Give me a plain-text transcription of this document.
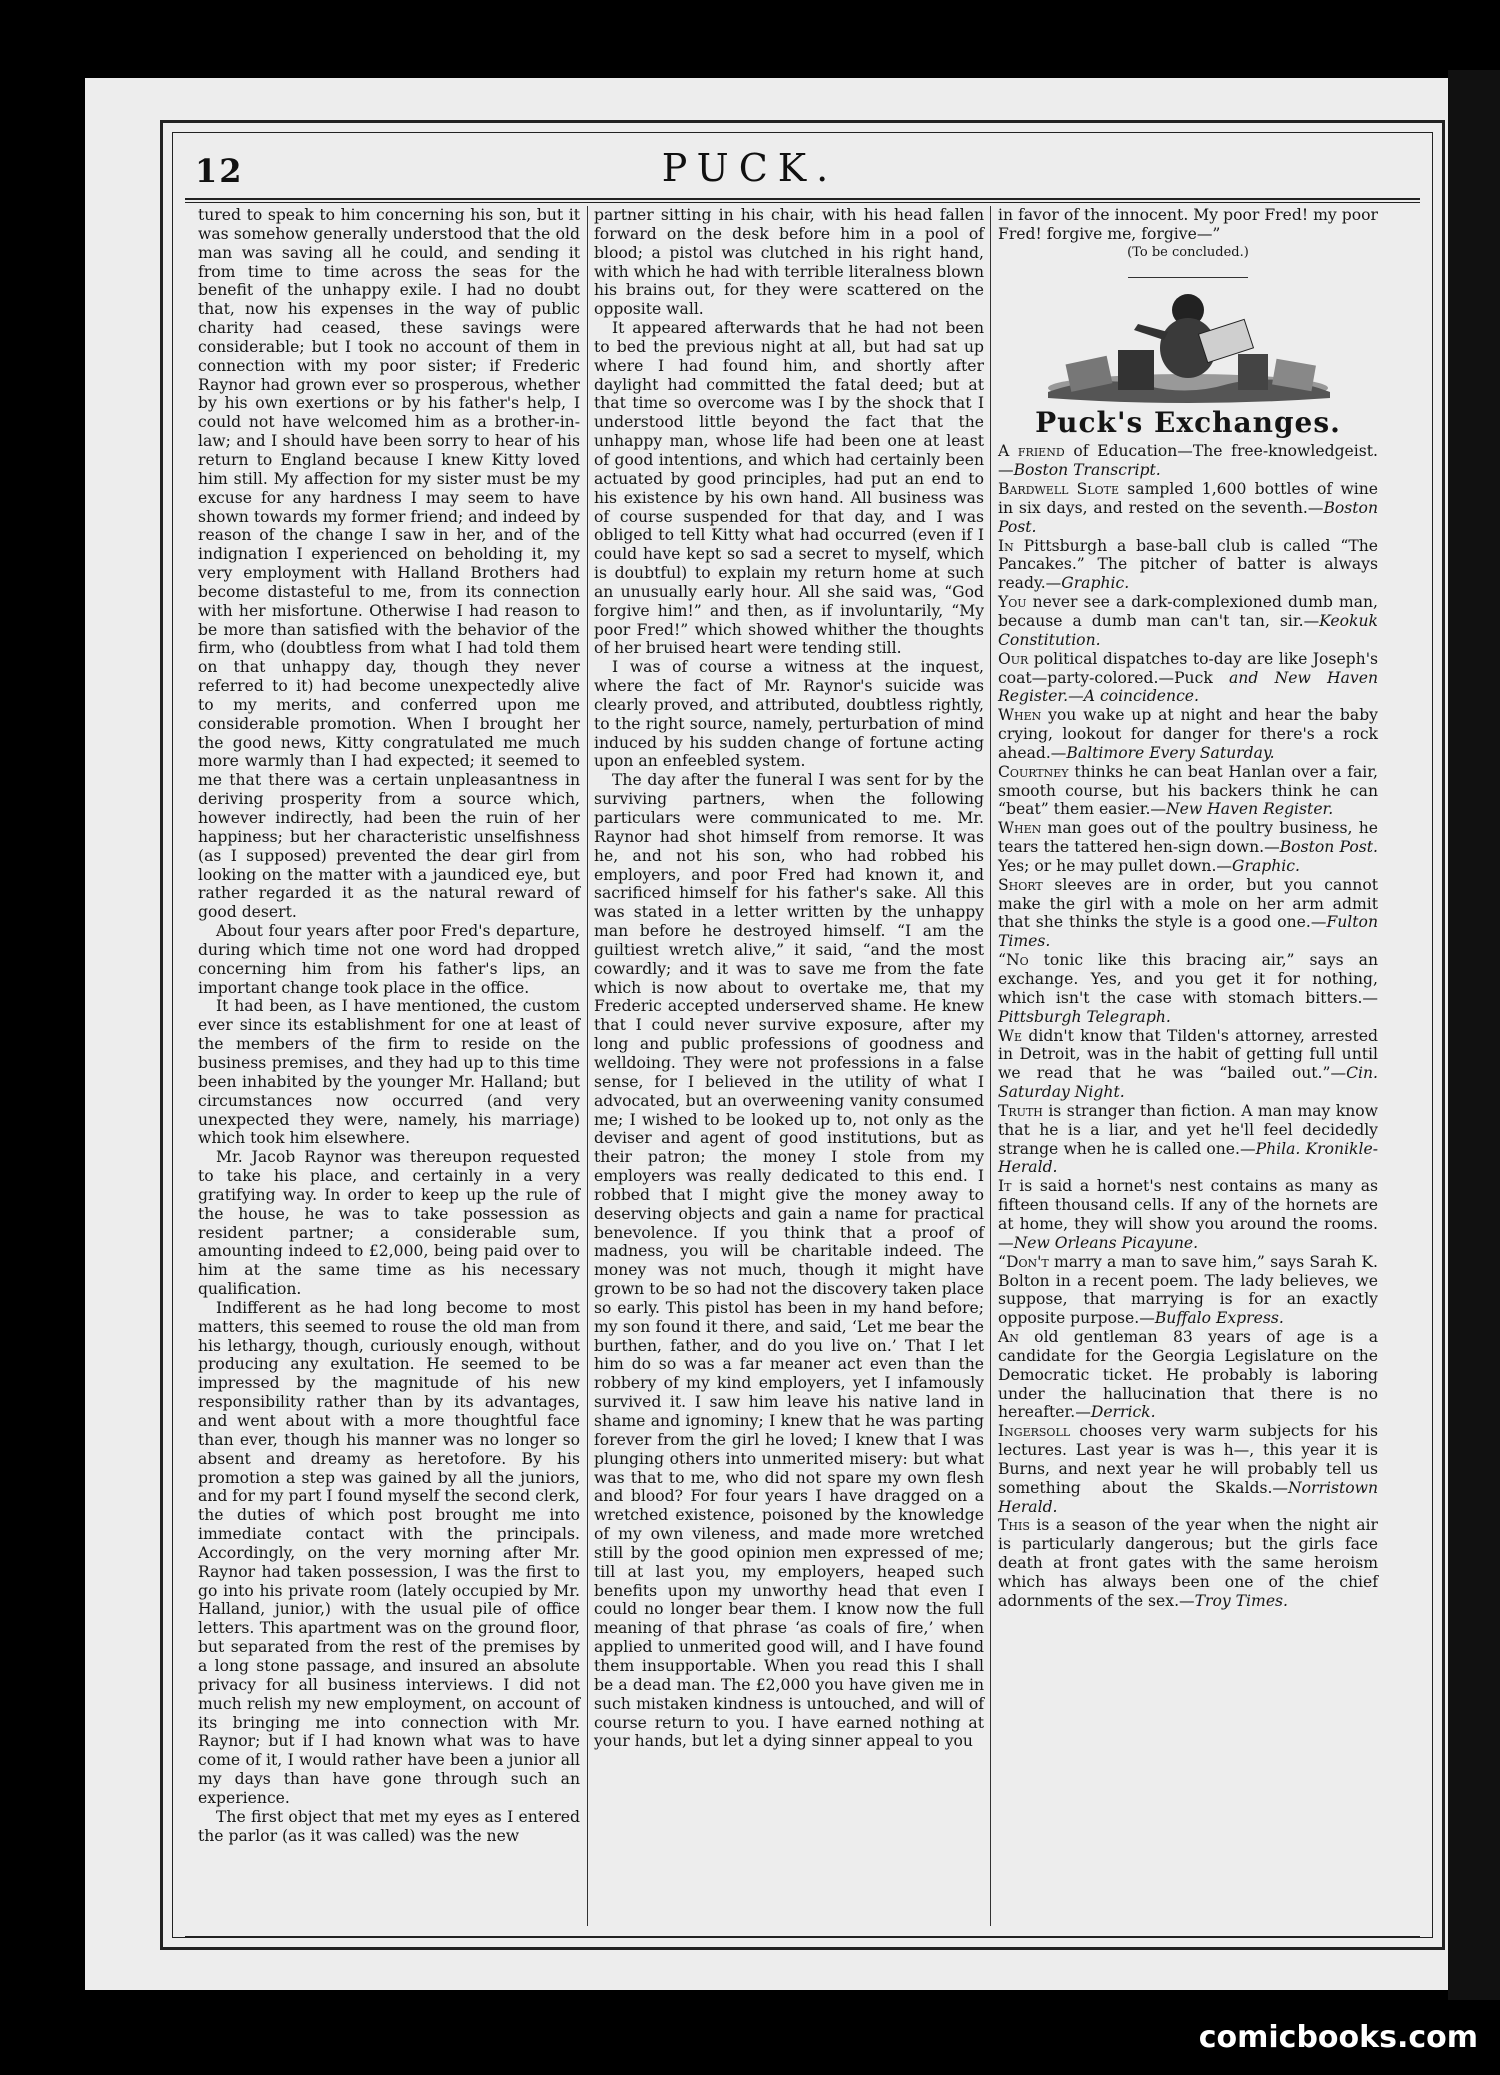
12	PUCK.

tured to speak to him concerning his son, but it was somehow generally understood that the old man was saving all he could, and sending it from time to time across the seas for the benefit of the unhappy exile. I had no doubt that, now his expenses in the way of public charity had ceased, these savings were considerable; but I took no account of them in connection with my poor sister; if Frederic Raynor had grown ever so prosperous, whether by his own exertions or by his father's help, I could not have welcomed him as a brother-in-law; and I should have been sorry to hear of his return to England because I knew Kitty loved him still. My affection for my sister must be my excuse for any hardness I may seem to have shown towards my former friend; and indeed by reason of the change I saw in her, and of the indignation I experienced on beholding it, my very employment with Halland Brothers had become distasteful to me, from its connection with her misfortune. Otherwise I had reason to be more than satisfied with the behavior of the firm, who (doubtless from what I had told them on that unhappy day, though they never referred to it) had become unexpectedly alive to my merits, and conferred upon me considerable promotion. When I brought her the good news, Kitty congratulated me much more warmly than I had expected; it seemed to me that there was a certain unpleasantness in deriving prosperity from a source which, however indirectly, had been the ruin of her happiness; but her characteristic unselfishness (as I supposed) prevented the dear girl from looking on the matter with a jaundiced eye, but rather regarded it as the natural reward of good desert.

About four years after poor Fred's departure, during which time not one word had dropped concerning him from his father's lips, an important change took place in the office.

It had been, as I have mentioned, the custom ever since its establishment for one at least of the members of the firm to reside on the business premises, and they had up to this time been inhabited by the younger Mr. Halland; but circumstances now occurred (and very unexpected they were, namely, his marriage) which took him elsewhere.

Mr. Jacob Raynor was thereupon requested to take his place, and certainly in a very gratifying way. In order to keep up the rule of the house, he was to take possession as resident partner; a considerable sum, amounting indeed to £2,000, being paid over to him at the same time as his necessary qualification.

Indifferent as he had long become to most matters, this seemed to rouse the old man from his lethargy, though, curiously enough, without producing any exultation. He seemed to be impressed by the magnitude of his new responsibility rather than by its advantages, and went about with a more thoughtful face than ever, though his manner was no longer so absent and dreamy as heretofore. By his promotion a step was gained by all the juniors, and for my part I found myself the second clerk, the duties of which post brought me into immediate contact with the principals. Accordingly, on the very morning after Mr. Raynor had taken possession, I was the first to go into his private room (lately occupied by Mr. Halland, junior,) with the usual pile of office letters. This apartment was on the ground floor, but separated from the rest of the premises by a long stone passage, and insured an absolute privacy for all business interviews. I did not much relish my new employment, on account of its bringing me into connection with Mr. Raynor; but if I had known what was to have come of it, I would rather have been a junior all my days than have gone through such an experience.

The first object that met my eyes as I entered the parlor (as it was called) was the new

partner sitting in his chair, with his head fallen forward on the desk before him in a pool of blood; a pistol was clutched in his right hand, with which he had with terrible literalness blown his brains out, for they were scattered on the opposite wall.

It appeared afterwards that he had not been to bed the previous night at all, but had sat up where I had found him, and shortly after daylight had committed the fatal deed; but at that time so overcome was I by the shock that I understood little beyond the fact that the unhappy man, whose life had been one at least of good intentions, and which had certainly been actuated by good principles, had put an end to his existence by his own hand. All business was of course suspended for that day, and I was obliged to tell Kitty what had occurred (even if I could have kept so sad a secret to myself, which is doubtful) to explain my return home at such an unusually early hour. All she said was, “God forgive him!” and then, as if involuntarily, “My poor Fred!” which showed whither the thoughts of her bruised heart were tending still.

I was of course a witness at the inquest, where the fact of Mr. Raynor's suicide was clearly proved, and attributed, doubtless rightly, to the right source, namely, perturbation of mind induced by his sudden change of fortune acting upon an enfeebled system.

The day after the funeral I was sent for by the surviving partners, when the following particulars were communicated to me. Mr. Raynor had shot himself from remorse. It was he, and not his son, who had robbed his employers, and poor Fred had known it, and sacrificed himself for his father's sake. All this was stated in a letter written by the unhappy man before he destroyed himself. “I am the guiltiest wretch alive,” it said, “and the most cowardly; and it was to save me from the fate which is now about to overtake me, that my Frederic accepted underserved shame. He knew that I could never survive exposure, after my long and public professions of goodness and welldoing. They were not professions in a false sense, for I believed in the utility of what I advocated, but an overweening vanity consumed me; I wished to be looked up to, not only as the deviser and agent of good institutions, but as their patron; the money I stole from my employers was really dedicated to this end. I robbed that I might give the money away to deserving objects and gain a name for practical benevolence. If you think that a proof of madness, you will be charitable indeed. The money was not much, though it might have grown to be so had not the discovery taken place so early. This pistol has been in my hand before; my son found it there, and said, ‘Let me bear the burthen, father, and do you live on.’ That I let him do so was a far meaner act even than the robbery of my kind employers, yet I infamously survived it. I saw him leave his native land in shame and ignominy; I knew that he was parting forever from the girl he loved; I knew that I was plunging others into unmerited misery: but what was that to me, who did not spare my own flesh and blood? For four years I have dragged on a wretched existence, poisoned by the knowledge of my own vileness, and made more wretched still by the good opinion men expressed of me; till at last you, my employers, heaped such benefits upon my unworthy head that even I could no longer bear them. I know now the full meaning of that phrase ‘as coals of fire,’ when applied to unmerited good will, and I have found them insupportable. When you read this I shall be a dead man. The £2,000 you have given me in such mistaken kindness is untouched, and will of course return to you. I have earned nothing at your hands, but let a dying sinner appeal to you

in favor of the innocent. My poor Fred! my poor Fred! forgive me, forgive—”

(To be concluded.)

Puck's Exchanges.

A friend of Education—The free-knowledgeist.—Boston Transcript.

Bardwell Slote sampled 1,600 bottles of wine in six days, and rested on the seventh.—Boston Post.

In Pittsburgh a base-ball club is called “The Pancakes.” The pitcher of batter is always ready.—Graphic.

You never see a dark-complexioned dumb man, because a dumb man can't tan, sir.—Keokuk Constitution.

Our political dispatches to-day are like Joseph's coat—party-colored.—Puck and New Haven Register.—A coincidence.

When you wake up at night and hear the baby crying, lookout for danger for there's a rock ahead.—Baltimore Every Saturday.

Courtney thinks he can beat Hanlan over a fair, smooth course, but his backers think he can “beat” them easier.—New Haven Register.

When man goes out of the poultry business, he tears the tattered hen-sign down.—Boston Post. Yes; or he may pullet down.—Graphic.

Short sleeves are in order, but you cannot make the girl with a mole on her arm admit that she thinks the style is a good one.—Fulton Times.

“No tonic like this bracing air,” says an exchange. Yes, and you get it for nothing, which isn't the case with stomach bitters.—Pittsburgh Telegraph.

We didn't know that Tilden's attorney, arrested in Detroit, was in the habit of getting full until we read that he was “bailed out.”—Cin. Saturday Night.

Truth is stranger than fiction. A man may know that he is a liar, and yet he'll feel decidedly strange when he is called one.—Phila. Kronikle-Herald.

It is said a hornet's nest contains as many as fifteen thousand cells. If any of the hornets are at home, they will show you around the rooms.—New Orleans Picayune.

“Don't marry a man to save him,” says Sarah K. Bolton in a recent poem. The lady believes, we suppose, that marrying is for an exactly opposite purpose.—Buffalo Express.

An old gentleman 83 years of age is a candidate for the Georgia Legislature on the Democratic ticket. He probably is laboring under the hallucination that there is no hereafter.—Derrick.

Ingersoll chooses very warm subjects for his lectures. Last year is was h—, this year it is Burns, and next year he will probably tell us something about the Skalds.—Norristown Herald.

This is a season of the year when the night air is particularly dangerous; but the girls face death at front gates with the same heroism which has always been one of the chief adornments of the sex.—Troy Times.

comicbooks.com
